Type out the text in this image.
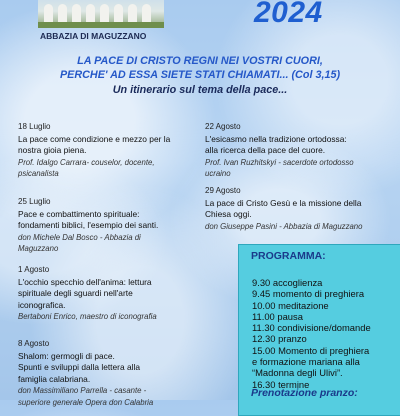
ABBAZIA DI MAGUZZANO
2024
LA PACE DI CRISTO REGNI NEI VOSTRI CUORI,
PERCHE' AD ESSA SIETE STATI CHIAMATI... (Col 3,15)
Un itinerario sul tema della pace...
18 Luglio
La pace come condizione e mezzo per la
nostra gioia piena.
Prof. Idalgo Carrara- couselor, docente,
psicanalista
25 Luglio
Pace e combattimento spirituale:
fondamenti biblici, l'esempio dei santi.
don Michele Dal Bosco - Abbazia di
Maguzzano
1 Agosto
L'occhio specchio dell'anima: lettura
spirituale degli sguardi nell'arte
iconografica.
Bertaboni Enrico, maestro di iconografia
8 Agosto
Shalom: germogli di pace.
Spunti e sviluppi dalla lettera alla
famiglia calabriana.
don Massimiliano Parrella - casante -
superiore generale Opera don Calabria
22 Agosto
L'esicasmo nella tradizione ortodossa:
alla ricerca della pace del cuore.
Prof. Ivan Ruzhitskyi - sacerdote ortodosso
ucraino
29 Agosto
La pace di Cristo Gesù e la missione della
Chiesa oggi.
don Giuseppe Pasini - Abbazia di Maguzzano
PROGRAMMA:
9.30 accoglienza
9.45 momento di preghiera
10.00 meditazione
11.00 pausa
11.30 condivisione/domande
12.30 pranzo
15.00 Momento di preghiera
e formazione mariana alla
“Madonna degli Ulivi”.
16.30 termine
Prenotazione pranzo:
